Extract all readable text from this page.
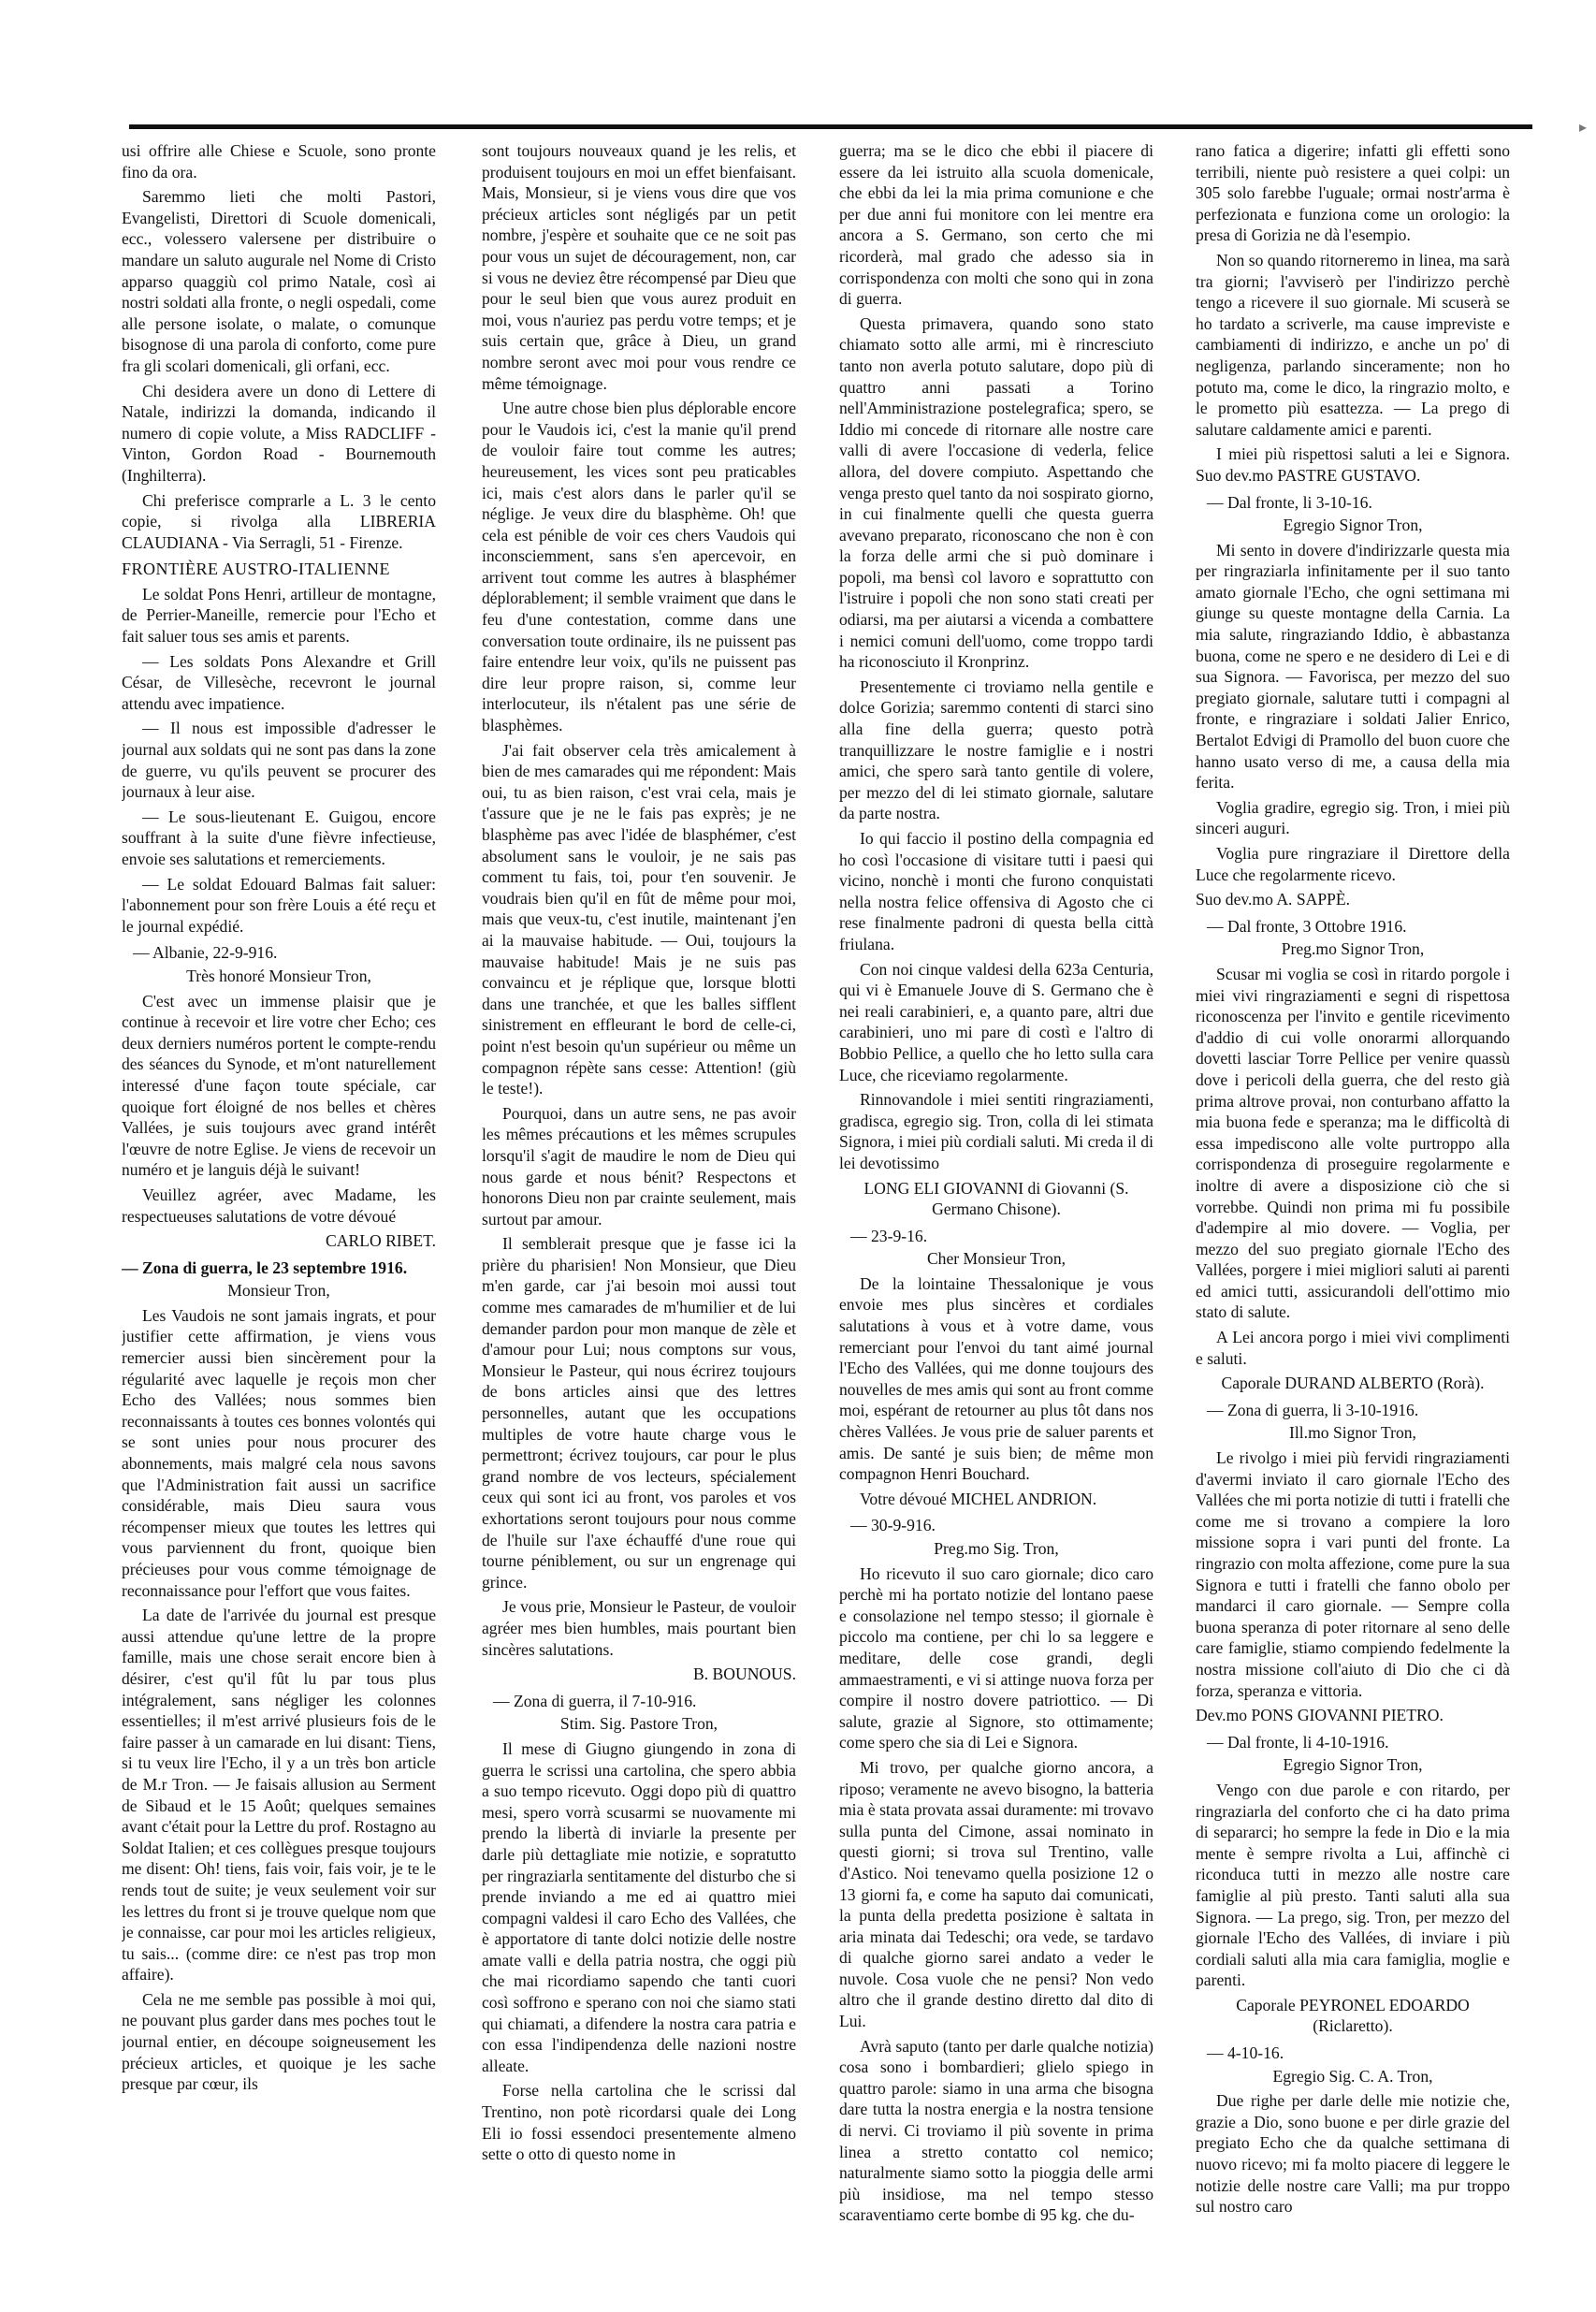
▸

usi offrire alle Chiese e Scuole, sono pronte fino da ora.

Saremmo lieti che molti Pastori, Evangelisti, Direttori di Scuole domenicali, ecc., volessero valersene per distribuire o mandare un saluto augurale nel Nome di Cristo apparso quaggiù col primo Natale, così ai nostri soldati alla fronte, o negli ospedali, come alle persone isolate, o malate, o comunque bisognose di una parola di conforto, come pure fra gli scolari domenicali, gli orfani, ecc.

Chi desidera avere un dono di Lettere di Natale, indirizzi la domanda, indicando il numero di copie volute, a Miss RADCLIFF - Vinton, Gordon Road - Bournemouth (Inghilterra).

Chi preferisce comprarle a L. 3 le cento copie, si rivolga alla LIBRERIA CLAUDIANA - Via Serragli, 51 - Firenze.

FRONTIÈRE AUSTRO-ITALIENNE

Le soldat Pons Henri, artilleur de montagne, de Perrier-Maneille, remercie pour l'Echo et fait saluer tous ses amis et parents.

— Les soldats Pons Alexandre et Grill César, de Villesèche, recevront le journal attendu avec impatience.

— Il nous est impossible d'adresser le journal aux soldats qui ne sont pas dans la zone de guerre, vu qu'ils peuvent se procurer des journaux à leur aise.

— Le sous-lieutenant E. Guigou, encore souffrant à la suite d'une fièvre infectieuse, envoie ses salutations et remerciements.

— Le soldat Edouard Balmas fait saluer: l'abonnement pour son frère Louis a été reçu et le journal expédié.

— Albanie, 22-9-916.

Très honoré Monsieur Tron,

C'est avec un immense plaisir que je continue à recevoir et lire votre cher Echo; ces deux derniers numéros portent le compte-rendu des séances du Synode, et m'ont naturellement interessé d'une façon toute spéciale, car quoique fort éloigné de nos belles et chères Vallées, je suis toujours avec grand intérêt l'œuvre de notre Eglise. Je viens de recevoir un numéro et je languis déjà le suivant!

Veuillez agréer, avec Madame, les respectueuses salutations de votre dévoué

CARLO RIBET.

— Zona di guerra, le 23 septembre 1916.

Monsieur Tron,

Les Vaudois ne sont jamais ingrats, et pour justifier cette affirmation, je viens vous remercier aussi bien sincèrement pour la régularité avec laquelle je reçois mon cher Echo des Vallées; nous sommes bien reconnaissants à toutes ces bonnes volontés qui se sont unies pour nous procurer des abonnements, mais malgré cela nous savons que l'Administration fait aussi un sacrifice considérable, mais Dieu saura vous récompenser mieux que toutes les lettres qui vous parviennent du front, quoique bien précieuses pour vous comme témoignage de reconnaissance pour l'effort que vous faites.

La date de l'arrivée du journal est presque aussi attendue qu'une lettre de la propre famille, mais une chose serait encore bien à désirer, c'est qu'il fût lu par tous plus intégralement, sans négliger les colonnes essentielles; il m'est arrivé plusieurs fois de le faire passer à un camarade en lui disant: Tiens, si tu veux lire l'Echo, il y a un très bon article de M.r Tron. — Je faisais allusion au Serment de Sibaud et le 15 Août; quelques semaines avant c'était pour la Lettre du prof. Rostagno au Soldat Italien; et ces collègues presque toujours me disent: Oh! tiens, fais voir, fais voir, je te le rends tout de suite; je veux seulement voir sur les lettres du front si je trouve quelque nom que je connaisse, car pour moi les articles religieux, tu sais... (comme dire: ce n'est pas trop mon affaire).

Cela ne me semble pas possible à moi qui, ne pouvant plus garder dans mes poches tout le journal entier, en découpe soigneusement les précieux articles, et quoique je les sache presque par cœur, ils

sont toujours nouveaux quand je les relis, et produisent toujours en moi un effet bienfaisant. Mais, Monsieur, si je viens vous dire que vos précieux articles sont négligés par un petit nombre, j'espère et souhaite que ce ne soit pas pour vous un sujet de découragement, non, car si vous ne deviez être récompensé par Dieu que pour le seul bien que vous aurez produit en moi, vous n'auriez pas perdu votre temps; et je suis certain que, grâce à Dieu, un grand nombre seront avec moi pour vous rendre ce même témoignage.

Une autre chose bien plus déplorable encore pour le Vaudois ici, c'est la manie qu'il prend de vouloir faire tout comme les autres; heureusement, les vices sont peu praticables ici, mais c'est alors dans le parler qu'il se néglige. Je veux dire du blasphème. Oh! que cela est pénible de voir ces chers Vaudois qui inconsciemment, sans s'en apercevoir, en arrivent tout comme les autres à blasphémer déplorablement; il semble vraiment que dans le feu d'une contestation, comme dans une conversation toute ordinaire, ils ne puissent pas faire entendre leur voix, qu'ils ne puissent pas dire leur propre raison, si, comme leur interlocuteur, ils n'étalent pas une série de blasphèmes.

J'ai fait observer cela très amicalement à bien de mes camarades qui me répondent: Mais oui, tu as bien raison, c'est vrai cela, mais je t'assure que je ne le fais pas exprès; je ne blasphème pas avec l'idée de blasphémer, c'est absolument sans le vouloir, je ne sais pas comment tu fais, toi, pour t'en souvenir. Je voudrais bien qu'il en fût de même pour moi, mais que veux-tu, c'est inutile, maintenant j'en ai la mauvaise habitude. — Oui, toujours la mauvaise habitude! Mais je ne suis pas convaincu et je réplique que, lorsque blotti dans une tranchée, et que les balles sifflent sinistrement en effleurant le bord de celle-ci, point n'est besoin qu'un supérieur ou même un compagnon répète sans cesse: Attention! (giù le teste!).

Pourquoi, dans un autre sens, ne pas avoir les mêmes précautions et les mêmes scrupules lorsqu'il s'agit de maudire le nom de Dieu qui nous garde et nous bénit? Respectons et honorons Dieu non par crainte seulement, mais surtout par amour.

Il semblerait presque que je fasse ici la prière du pharisien! Non Monsieur, que Dieu m'en garde, car j'ai besoin moi aussi tout comme mes camarades de m'humilier et de lui demander pardon pour mon manque de zèle et d'amour pour Lui; nous comptons sur vous, Monsieur le Pasteur, qui nous écrirez toujours de bons articles ainsi que des lettres personnelles, autant que les occupations multiples de votre haute charge vous le permettront; écrivez toujours, car pour le plus grand nombre de vos lecteurs, spécialement ceux qui sont ici au front, vos paroles et vos exhortations seront toujours pour nous comme de l'huile sur l'axe échauffé d'une roue qui tourne péniblement, ou sur un engrenage qui grince.

Je vous prie, Monsieur le Pasteur, de vouloir agréer mes bien humbles, mais pourtant bien sincères salutations.

B. BOUNOUS.

— Zona di guerra, il 7-10-916.

Stim. Sig. Pastore Tron,

Il mese di Giugno giungendo in zona di guerra le scrissi una cartolina, che spero abbia a suo tempo ricevuto. Oggi dopo più di quattro mesi, spero vorrà scusarmi se nuovamente mi prendo la libertà di inviarle la presente per darle più dettagliate mie notizie, e sopratutto per ringraziarla sentitamente del disturbo che si prende inviando a me ed ai quattro miei compagni valdesi il caro Echo des Vallées, che è apportatore di tante dolci notizie delle nostre amate valli e della patria nostra, che oggi più che mai ricordiamo sapendo che tanti cuori così soffrono e sperano con noi che siamo stati qui chiamati, a difendere la nostra cara patria e con essa l'indipendenza delle nazioni nostre alleate.

Forse nella cartolina che le scrissi dal Trentino, non potè ricordarsi quale dei Long Eli io fossi essendoci presentemente almeno sette o otto di questo nome in

guerra; ma se le dico che ebbi il piacere di essere da lei istruito alla scuola domenicale, che ebbi da lei la mia prima comunione e che per due anni fui monitore con lei mentre era ancora a S. Germano, son certo che mi ricorderà, mal grado che adesso sia in corrispondenza con molti che sono qui in zona di guerra.

Questa primavera, quando sono stato chiamato sotto alle armi, mi è rincresciuto tanto non averla potuto salutare, dopo più di quattro anni passati a Torino nell'Amministrazione postelegrafica; spero, se Iddio mi concede di ritornare alle nostre care valli di avere l'occasione di vederla, felice allora, del dovere compiuto. Aspettando che venga presto quel tanto da noi sospirato giorno, in cui finalmente quelli che questa guerra avevano preparato, riconoscano che non è con la forza delle armi che si può dominare i popoli, ma bensì col lavoro e soprattutto con l'istruire i popoli che non sono stati creati per odiarsi, ma per aiutarsi a vicenda a combattere i nemici comuni dell'uomo, come troppo tardi ha riconosciuto il Kronprinz.

Presentemente ci troviamo nella gentile e dolce Gorizia; saremmo contenti di starci sino alla fine della guerra; questo potrà tranquillizzare le nostre famiglie e i nostri amici, che spero sarà tanto gentile di volere, per mezzo del di lei stimato giornale, salutare da parte nostra.

Io qui faccio il postino della compagnia ed ho così l'occasione di visitare tutti i paesi qui vicino, nonchè i monti che furono conquistati nella nostra felice offensiva di Agosto che ci rese finalmente padroni di questa bella città friulana.

Con noi cinque valdesi della 623a Centuria, qui vi è Emanuele Jouve di S. Germano che è nei reali carabinieri, e, a quanto pare, altri due carabinieri, uno mi pare di costì e l'altro di Bobbio Pellice, a quello che ho letto sulla cara Luce, che riceviamo regolarmente.

Rinnovandole i miei sentiti ringraziamenti, gradisca, egregio sig. Tron, colla di lei stimata Signora, i miei più cordiali saluti. Mi creda il di lei devotissimo

LONG ELI GIOVANNI di Giovanni (S. Germano Chisone).

— 23-9-16.

Cher Monsieur Tron,

De la lointaine Thessalonique je vous envoie mes plus sincères et cordiales salutations à vous et à votre dame, vous remerciant pour l'envoi du tant aimé journal l'Echo des Vallées, qui me donne toujours des nouvelles de mes amis qui sont au front comme moi, espérant de retourner au plus tôt dans nos chères Vallées. Je vous prie de saluer parents et amis. De santé je suis bien; de même mon compagnon Henri Bouchard.

Votre dévoué MICHEL ANDRION.

— 30-9-916.

Preg.mo Sig. Tron,

Ho ricevuto il suo caro giornale; dico caro perchè mi ha portato notizie del lontano paese e consolazione nel tempo stesso; il giornale è piccolo ma contiene, per chi lo sa leggere e meditare, delle cose grandi, degli ammaestramenti, e vi si attinge nuova forza per compire il nostro dovere patriottico. — Di salute, grazie al Signore, sto ottimamente; come spero che sia di Lei e Signora.

Mi trovo, per qualche giorno ancora, a riposo; veramente ne avevo bisogno, la batteria mia è stata provata assai duramente: mi trovavo sulla punta del Cimone, assai nominato in questi giorni; si trova sul Trentino, valle d'Astico. Noi tenevamo quella posizione 12 o 13 giorni fa, e come ha saputo dai comunicati, la punta della predetta posizione è saltata in aria minata dai Tedeschi; ora vede, se tardavo di qualche giorno sarei andato a veder le nuvole. Cosa vuole che ne pensi? Non vedo altro che il grande destino diretto dal dito di Lui.

Avrà saputo (tanto per darle qualche notizia) cosa sono i bombardieri; glielo spiego in quattro parole: siamo in una arma che bisogna dare tutta la nostra energia e la nostra tensione di nervi. Ci troviamo il più sovente in prima linea a stretto contatto col nemico; naturalmente siamo sotto la pioggia delle armi più insidiose, ma nel tempo stesso scaraventiamo certe bombe di 95 kg. che du-

rano fatica a digerire; infatti gli effetti sono terribili, niente può resistere a quei colpi: un 305 solo farebbe l'uguale; ormai nostr'arma è perfezionata e funziona come un orologio: la presa di Gorizia ne dà l'esempio.

Non so quando ritorneremo in linea, ma sarà tra giorni; l'avviserò per l'indirizzo perchè tengo a ricevere il suo giornale. Mi scuserà se ho tardato a scriverle, ma cause impreviste e cambiamenti di indirizzo, e anche un po' di negligenza, parlando sinceramente; non ho potuto ma, come le dico, la ringrazio molto, e le prometto più esattezza. — La prego di salutare caldamente amici e parenti.

I miei più rispettosi saluti a lei e Signora. Suo dev.mo PASTRE GUSTAVO.

— Dal fronte, li 3-10-16.

Egregio Signor Tron,

Mi sento in dovere d'indirizzarle questa mia per ringraziarla infinitamente per il suo tanto amato giornale l'Echo, che ogni settimana mi giunge su queste montagne della Carnia. La mia salute, ringraziando Iddio, è abbastanza buona, come ne spero e ne desidero di Lei e di sua Signora. — Favorisca, per mezzo del suo pregiato giornale, salutare tutti i compagni al fronte, e ringraziare i soldati Jalier Enrico, Bertalot Edvigi di Pramollo del buon cuore che hanno usato verso di me, a causa della mia ferita.

Voglia gradire, egregio sig. Tron, i miei più sinceri auguri.

Voglia pure ringraziare il Direttore della Luce che regolarmente ricevo.

Suo dev.mo A. SAPPÈ.

— Dal fronte, 3 Ottobre 1916.

Preg.mo Signor Tron,

Scusar mi voglia se così in ritardo porgole i miei vivi ringraziamenti e segni di rispettosa riconoscenza per l'invito e gentile ricevimento d'addio di cui volle onorarmi allorquando dovetti lasciar Torre Pellice per venire quassù dove i pericoli della guerra, che del resto già prima altrove provai, non conturbano affatto la mia buona fede e speranza; ma le difficoltà di essa impediscono alle volte purtroppo alla corrispondenza di proseguire regolarmente e inoltre di avere a disposizione ciò che si vorrebbe. Quindi non prima mi fu possibile d'adempire al mio dovere. — Voglia, per mezzo del suo pregiato giornale l'Echo des Vallées, porgere i miei migliori saluti ai parenti ed amici tutti, assicurandoli dell'ottimo mio stato di salute.

A Lei ancora porgo i miei vivi complimenti e saluti.

Caporale DURAND ALBERTO (Rorà).

— Zona di guerra, li 3-10-1916.

Ill.mo Signor Tron,

Le rivolgo i miei più fervidi ringraziamenti d'avermi inviato il caro giornale l'Echo des Vallées che mi porta notizie di tutti i fratelli che come me si trovano a compiere la loro missione sopra i vari punti del fronte. La ringrazio con molta affezione, come pure la sua Signora e tutti i fratelli che fanno obolo per mandarci il caro giornale. — Sempre colla buona speranza di poter ritornare al seno delle care famiglie, stiamo compiendo fedelmente la nostra missione coll'aiuto di Dio che ci dà forza, speranza e vittoria.

Dev.mo PONS GIOVANNI PIETRO.

— Dal fronte, li 4-10-1916.

Egregio Signor Tron,

Vengo con due parole e con ritardo, per ringraziarla del conforto che ci ha dato prima di separarci; ho sempre la fede in Dio e la mia mente è sempre rivolta a Lui, affinchè ci riconduca tutti in mezzo alle nostre care famiglie al più presto. Tanti saluti alla sua Signora. — La prego, sig. Tron, per mezzo del giornale l'Echo des Vallées, di inviare i più cordiali saluti alla mia cara famiglia, moglie e parenti.

Caporale PEYRONEL EDOARDO (Riclaretto).

— 4-10-16.

Egregio Sig. C. A. Tron,

Due righe per darle delle mie notizie che, grazie a Dio, sono buone e per dirle grazie del pregiato Echo che da qualche settimana di nuovo ricevo; mi fa molto piacere di leggere le notizie delle nostre care Valli; ma pur troppo sul nostro caro
